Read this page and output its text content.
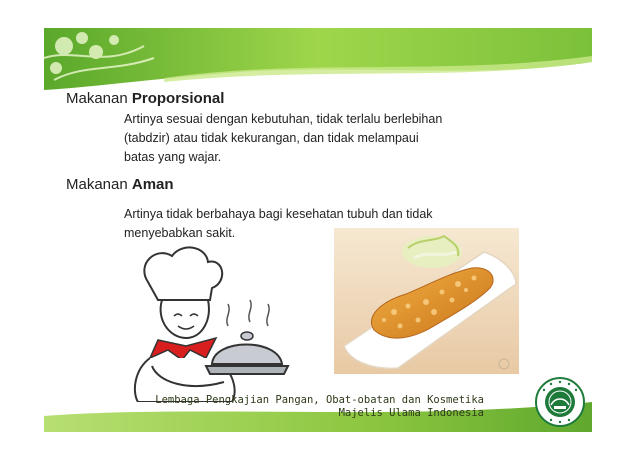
Makanan Proporsional
Artinya sesuai dengan kebutuhan, tidak terlalu berlebihan
(tabdzir) atau tidak kekurangan, dan tidak melampaui
batas yang wajar.
Makanan Aman
Artinya tidak berbahaya bagi kesehatan tubuh dan tidak
menyebabkan sakit.
Lembaga Pengkajian Pangan, Obat-obatan dan Kosmetika
Majelis Ulama Indonesia
